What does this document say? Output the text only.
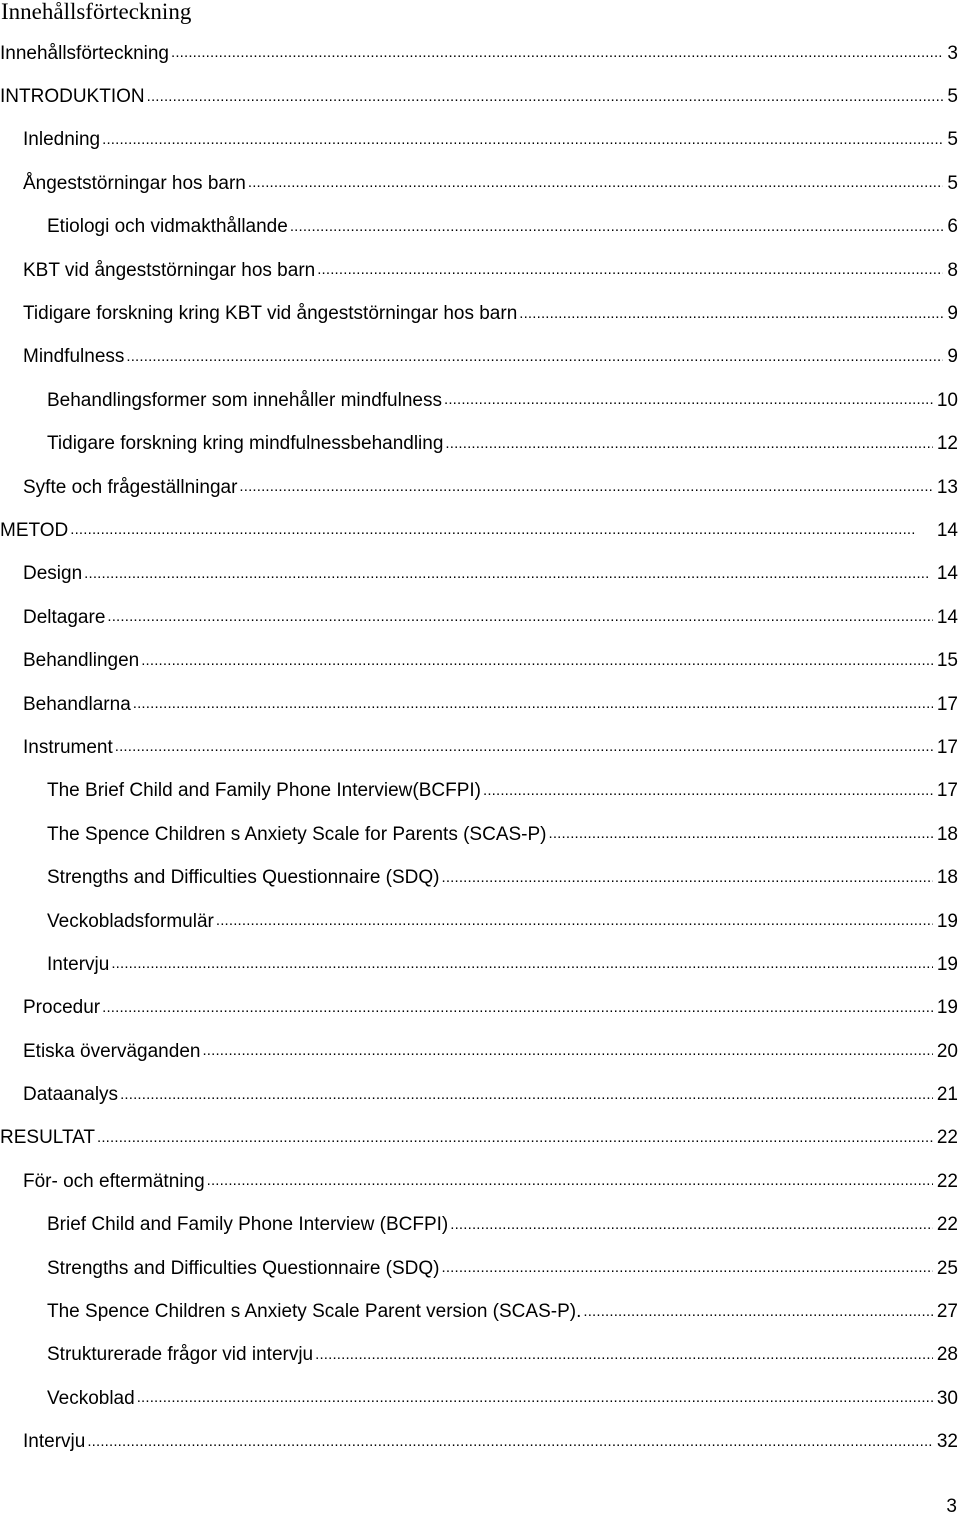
Innehållsförteckning
Innehållsförteckning . . .	3
INTRODUKTION . . .	5
Inledning . . .	5
Ångeststörningar hos barn . . .	5
Etiologi och vidmakthållande . . .	6
KBT vid ångeststörningar hos barn . . .	8
Tidigare forskning kring KBT vid ångeststörningar hos barn . . .	9
Mindfulness . . .	9
Behandlingsformer som innehåller mindfulness . . .	10
Tidigare forskning kring mindfulnessbehandling . . .	12
Syfte och frågeställningar . . .	13
METOD . . .	14
Design . . .	14
Deltagare . . .	14
Behandlingen . . .	15
Behandlarna . . .	17
Instrument . . .	17
The Brief Child and Family Phone Interview(BCFPI) . . .	17
The Spence Children s Anxiety Scale for Parents (SCAS-P) . . .	18
Strengths and Difficulties Questionnaire (SDQ) . . .	18
Veckobladsformulär . . .	19
Intervju . . .	19
Procedur . . .	19
Etiska överväganden . . .	20
Dataanalys . . .	21
RESULTAT . . .	22
För- och eftermätning . . .	22
Brief Child and Family Phone Interview (BCFPI) . . .	22
Strengths and Difficulties Questionnaire (SDQ) . . .	25
The Spence Children s Anxiety Scale Parent version (SCAS-P). . . .	27
Strukturerade frågor vid intervju . . .	28
Veckoblad . . .	30
Intervju . . .	32
3
